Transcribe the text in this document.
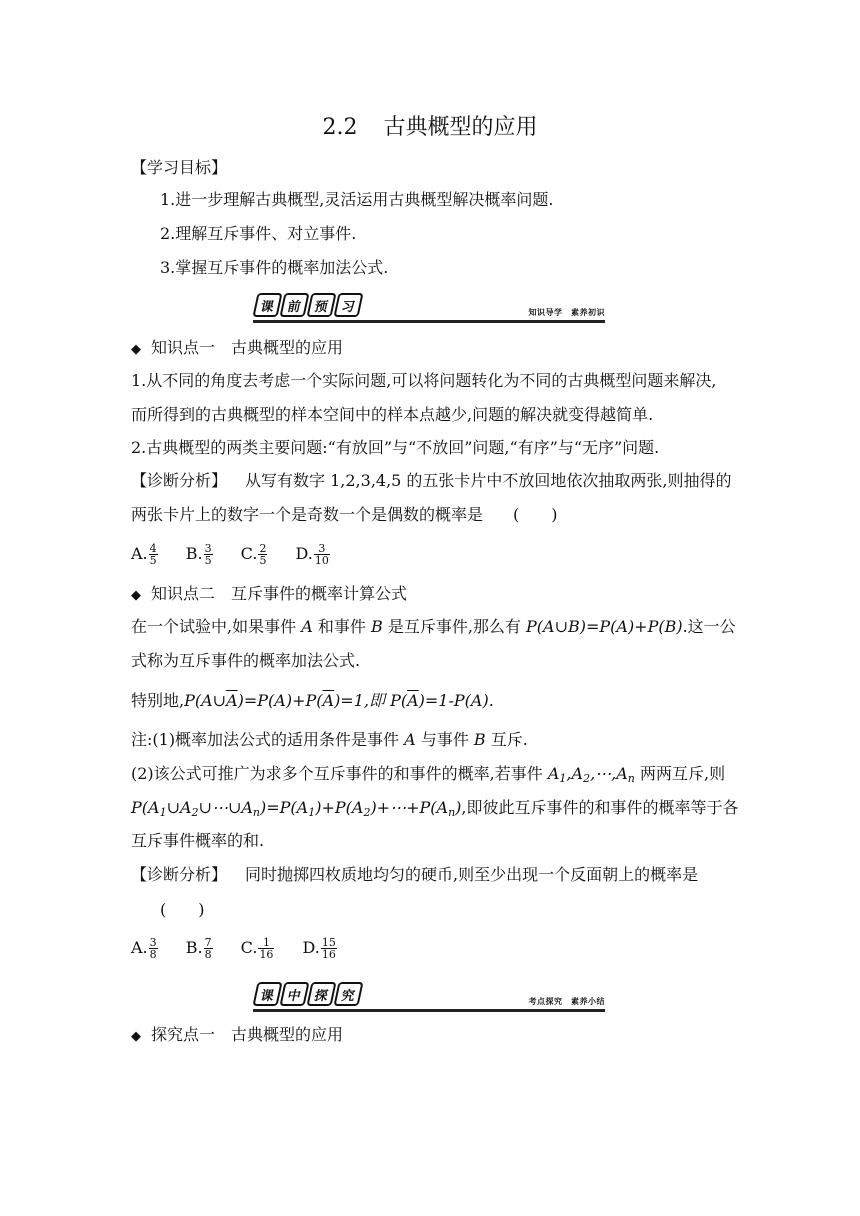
2.2 古典概型的应用
【学习目标】
1.进一步理解古典概型,灵活运用古典概型解决概率问题.
2.理解互斥事件、对立事件.
3.掌握互斥事件的概率加法公式.
课 前 预 习	知识导学　素养初识
◆ 知识点一　古典概型的应用
1.从不同的角度去考虑一个实际问题,可以将问题转化为不同的古典概型问题来解决,
而所得到的古典概型的样本空间中的样本点越少,问题的解决就变得越简单.
2.古典概型的两类主要问题:“有放回”与“不放回”问题,“有序”与“无序”问题.
【诊断分析】 从写有数字 1,2,3,4,5 的五张卡片中不放回地依次抽取两张,则抽得的
两张卡片上的数字一个是奇数一个是偶数的概率是 (　　)
A. $\frac{4}{5} B$. $\frac{3}{5} C$. $\frac{2}{5} D$. $\frac{3}{10}$
◆ 知识点二　互斥事件的概率计算公式
在一个试验中,如果事件 A 和事件 B 是互斥事件,那么有 P(A∪B)=P(A)+P(B).这一公
式称为互斥事件的概率加法公式.
特别地$,P(A\cup\overline{A})=P(A)+P(\overline{A})=1$,即 $P(\overline{A})=1-P(A)$.
注:(1)概率加法公式的适用条件是事件 A 与事件 B 互斥.
(2)该公式可推广为求多个互斥事件的和事件的概率,若事件 $A_1,A_2,\cdots,A_n$ 两两互斥,则
$P(A_1\cup A_2\cup\cdots\cup A_n)=P(A_1)+P(A_2)+\cdots+P(A_n)$,即彼此互斥事件的和事件的概率等于各
互斥事件概率的和.
【诊断分析】 同时抛掷四枚质地均匀的硬币,则至少出现一个反面朝上的概率是
(　　)
A. $\frac{3}{8} B$. $\frac{7}{8} C$. $\frac{1}{16} D$. $\frac{15}{16}$
课 中 探 究	考点探究　素养小结
◆ 探究点一　古典概型的应用
